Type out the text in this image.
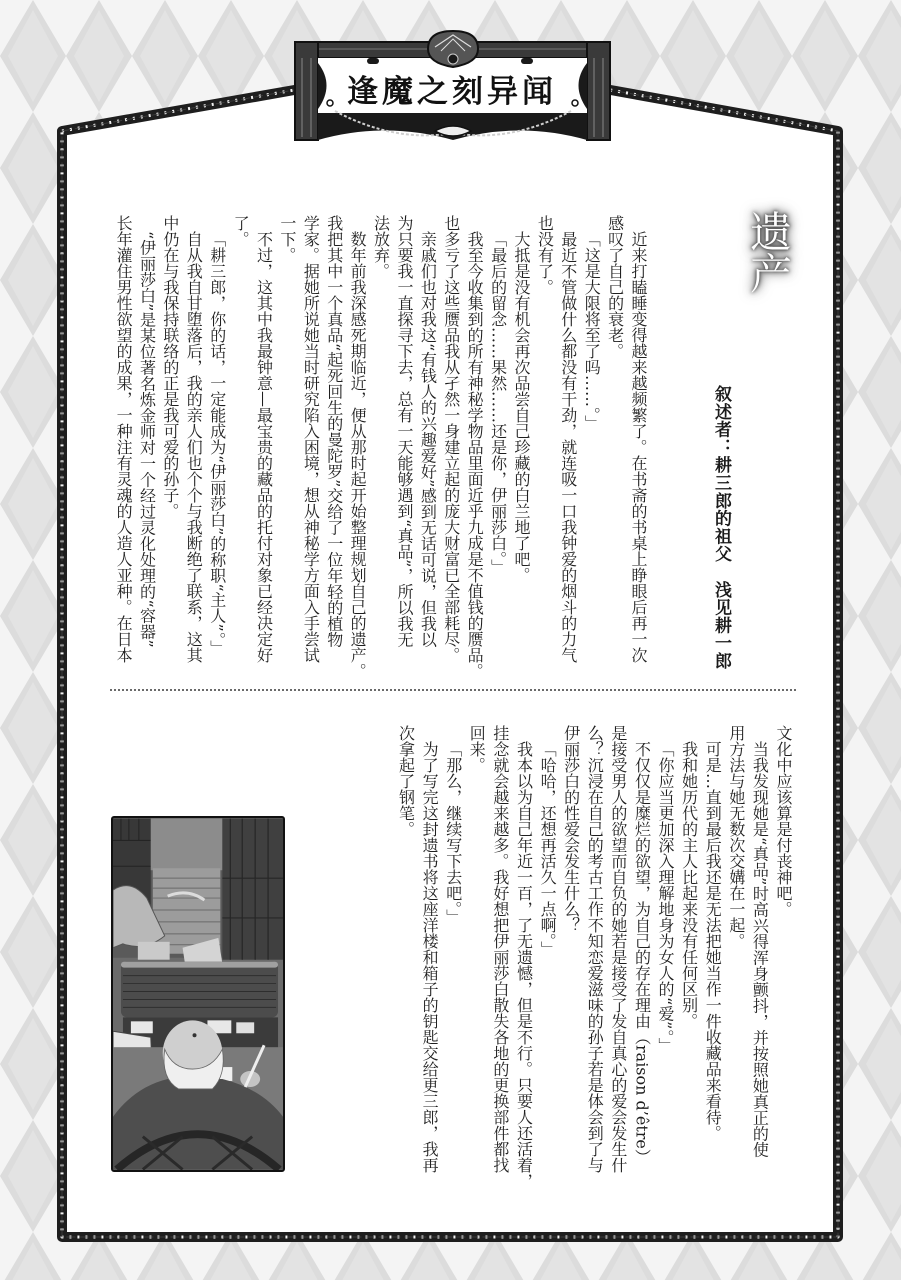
逢魔之刻异闻
遗产
叙述者：耕三郎的祖父　浅见耕一郎
近来打瞌睡变得越来越频繁了。在书斋的书桌上睁眼后再一次
感叹了自己的衰老。
「这是大限将至了吗……。」
最近不管做什么都没有干劲，就连吸一口我钟爱的烟斗的力气
也没有了。
大抵是没有机会再次品尝自己珍藏的白兰地了吧。
「最后的留念……果然……还是你，伊丽莎白。」
我至今收集到的所有神秘学物品里面近乎九成是不值钱的赝品。
也多亏了这些赝品我从孑然一身建立起的庞大财富已全部耗尽。
亲戚们也对我这“有钱人的兴趣爱好”感到无话可说，但我以
为只要我一直探寻下去，总有一天能够遇到“真品”，所以我无
法放弃。
数年前我深感死期临近，便从那时起开始整理规划自己的遗产。
我把其中一个真品“起死回生的曼陀罗”交给了一位年轻的植物
学家。据她所说她当时研究陷入困境，想从神秘学方面入手尝试
一下。
不过，这其中我最钟意—最宝贵的藏品的托付对象已经决定好
了。
「耕三郎，你的话，一定能成为“伊丽莎白”的称职“主人”。」
自从我自甘堕落后，我的亲人们也个个与我断绝了联系，这其
中仍在与我保持联络的正是我可爱的孙子。
“伊丽莎白”是某位著名炼金师对一个经过灵化处理的“容器”
长年灌住男性欲望的成果，一种注有灵魂的人造人亚种。在日本
文化中应该算是付丧神吧。
当我发现她是“真品”时高兴得浑身颤抖，并按照她真正的使
用方法与她无数次交媾在一起。
可是…直到最后我还是无法把她当作一件收藏品来看待。
我和她历代的主人比起来没有任何区别。
「你应当更加深入理解地身为女人的“爱”。」
不仅仅是糜烂的欲望，为自己的存在理由（raison d’être）
是接受男人的欲望而自负的她若是接受了发自真心的爱会发生什
么？沉浸在自己的考古工作不知恋爱滋味的孙子若是体会到了与
伊丽莎白的性爱会发生什么？
「哈哈，还想再活久一点啊。」
我本以为自己年近一百，了无遗憾，但是不行。只要人还活着，
挂念就会越来越多。我好想把伊丽莎白散失各地的更换部件都找
回来。
「那么，继续写下去吧。」
为了写完这封遗书将这座洋楼和箱子的钥匙交给更三郎，我再
次拿起了钢笔。
